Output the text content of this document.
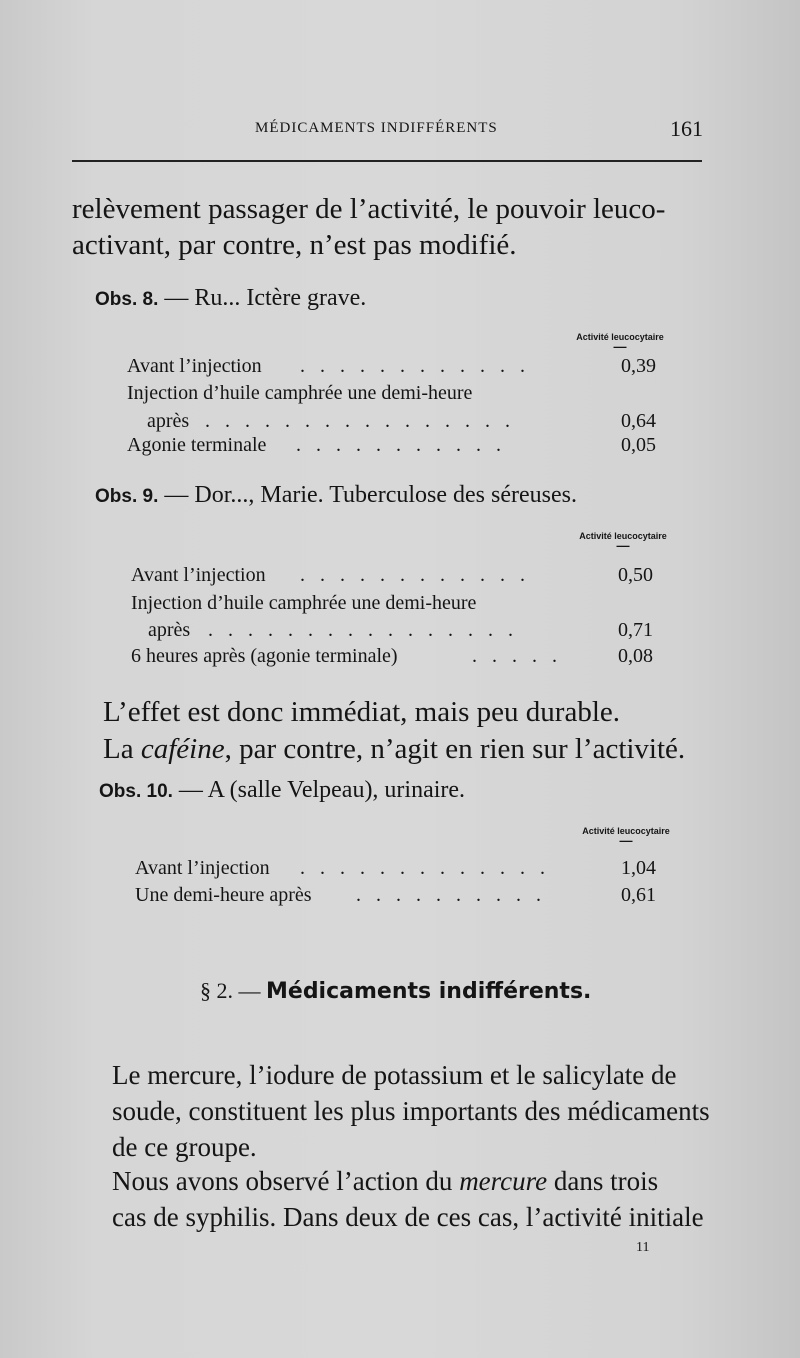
MÉDICAMENTS INDIFFÉRENTS	161
relèvement passager de l’activité, le pouvoir leuco-
activant, par contre, n’est pas modifié.
Obs. 8. — Ru... Ictère grave.
Activité leucocytaire
—
Avant l’injection . . . . . . . . . . . .	0,39
Injection d’huile camphrée une demi-heure
après . . . . . . . . . . . . . . . .	0,64
Agonie terminale . . . . . . . . . . .	0,05
Obs. 9. — Dor..., Marie. Tuberculose des séreuses.
Activité leucocytaire
—
Avant l’injection . . . . . . . . . . . .	0,50
Injection d’huile camphrée une demi-heure
après . . . . . . . . . . . . . . . .	0,71
6 heures après (agonie terminale)	. . . . .	0,08
L’effet est donc immédiat, mais peu durable.
La caféine, par contre, n’agit en rien sur l’activité.
Obs. 10. — A (salle Velpeau), urinaire.
Activité leucocytaire
—
Avant l’injection . . . . . . . . . . . . .	1,04
Une demi-heure après . . . . . . . . . .	0,61
§ 2. — Médicaments indifférents.
Le mercure, l’iodure de potassium et le salicylate de
soude, constituent les plus importants des médicaments
de ce groupe.
Nous avons observé l’action du mercure dans trois
cas de syphilis. Dans deux de ces cas, l’activité initiale
11
